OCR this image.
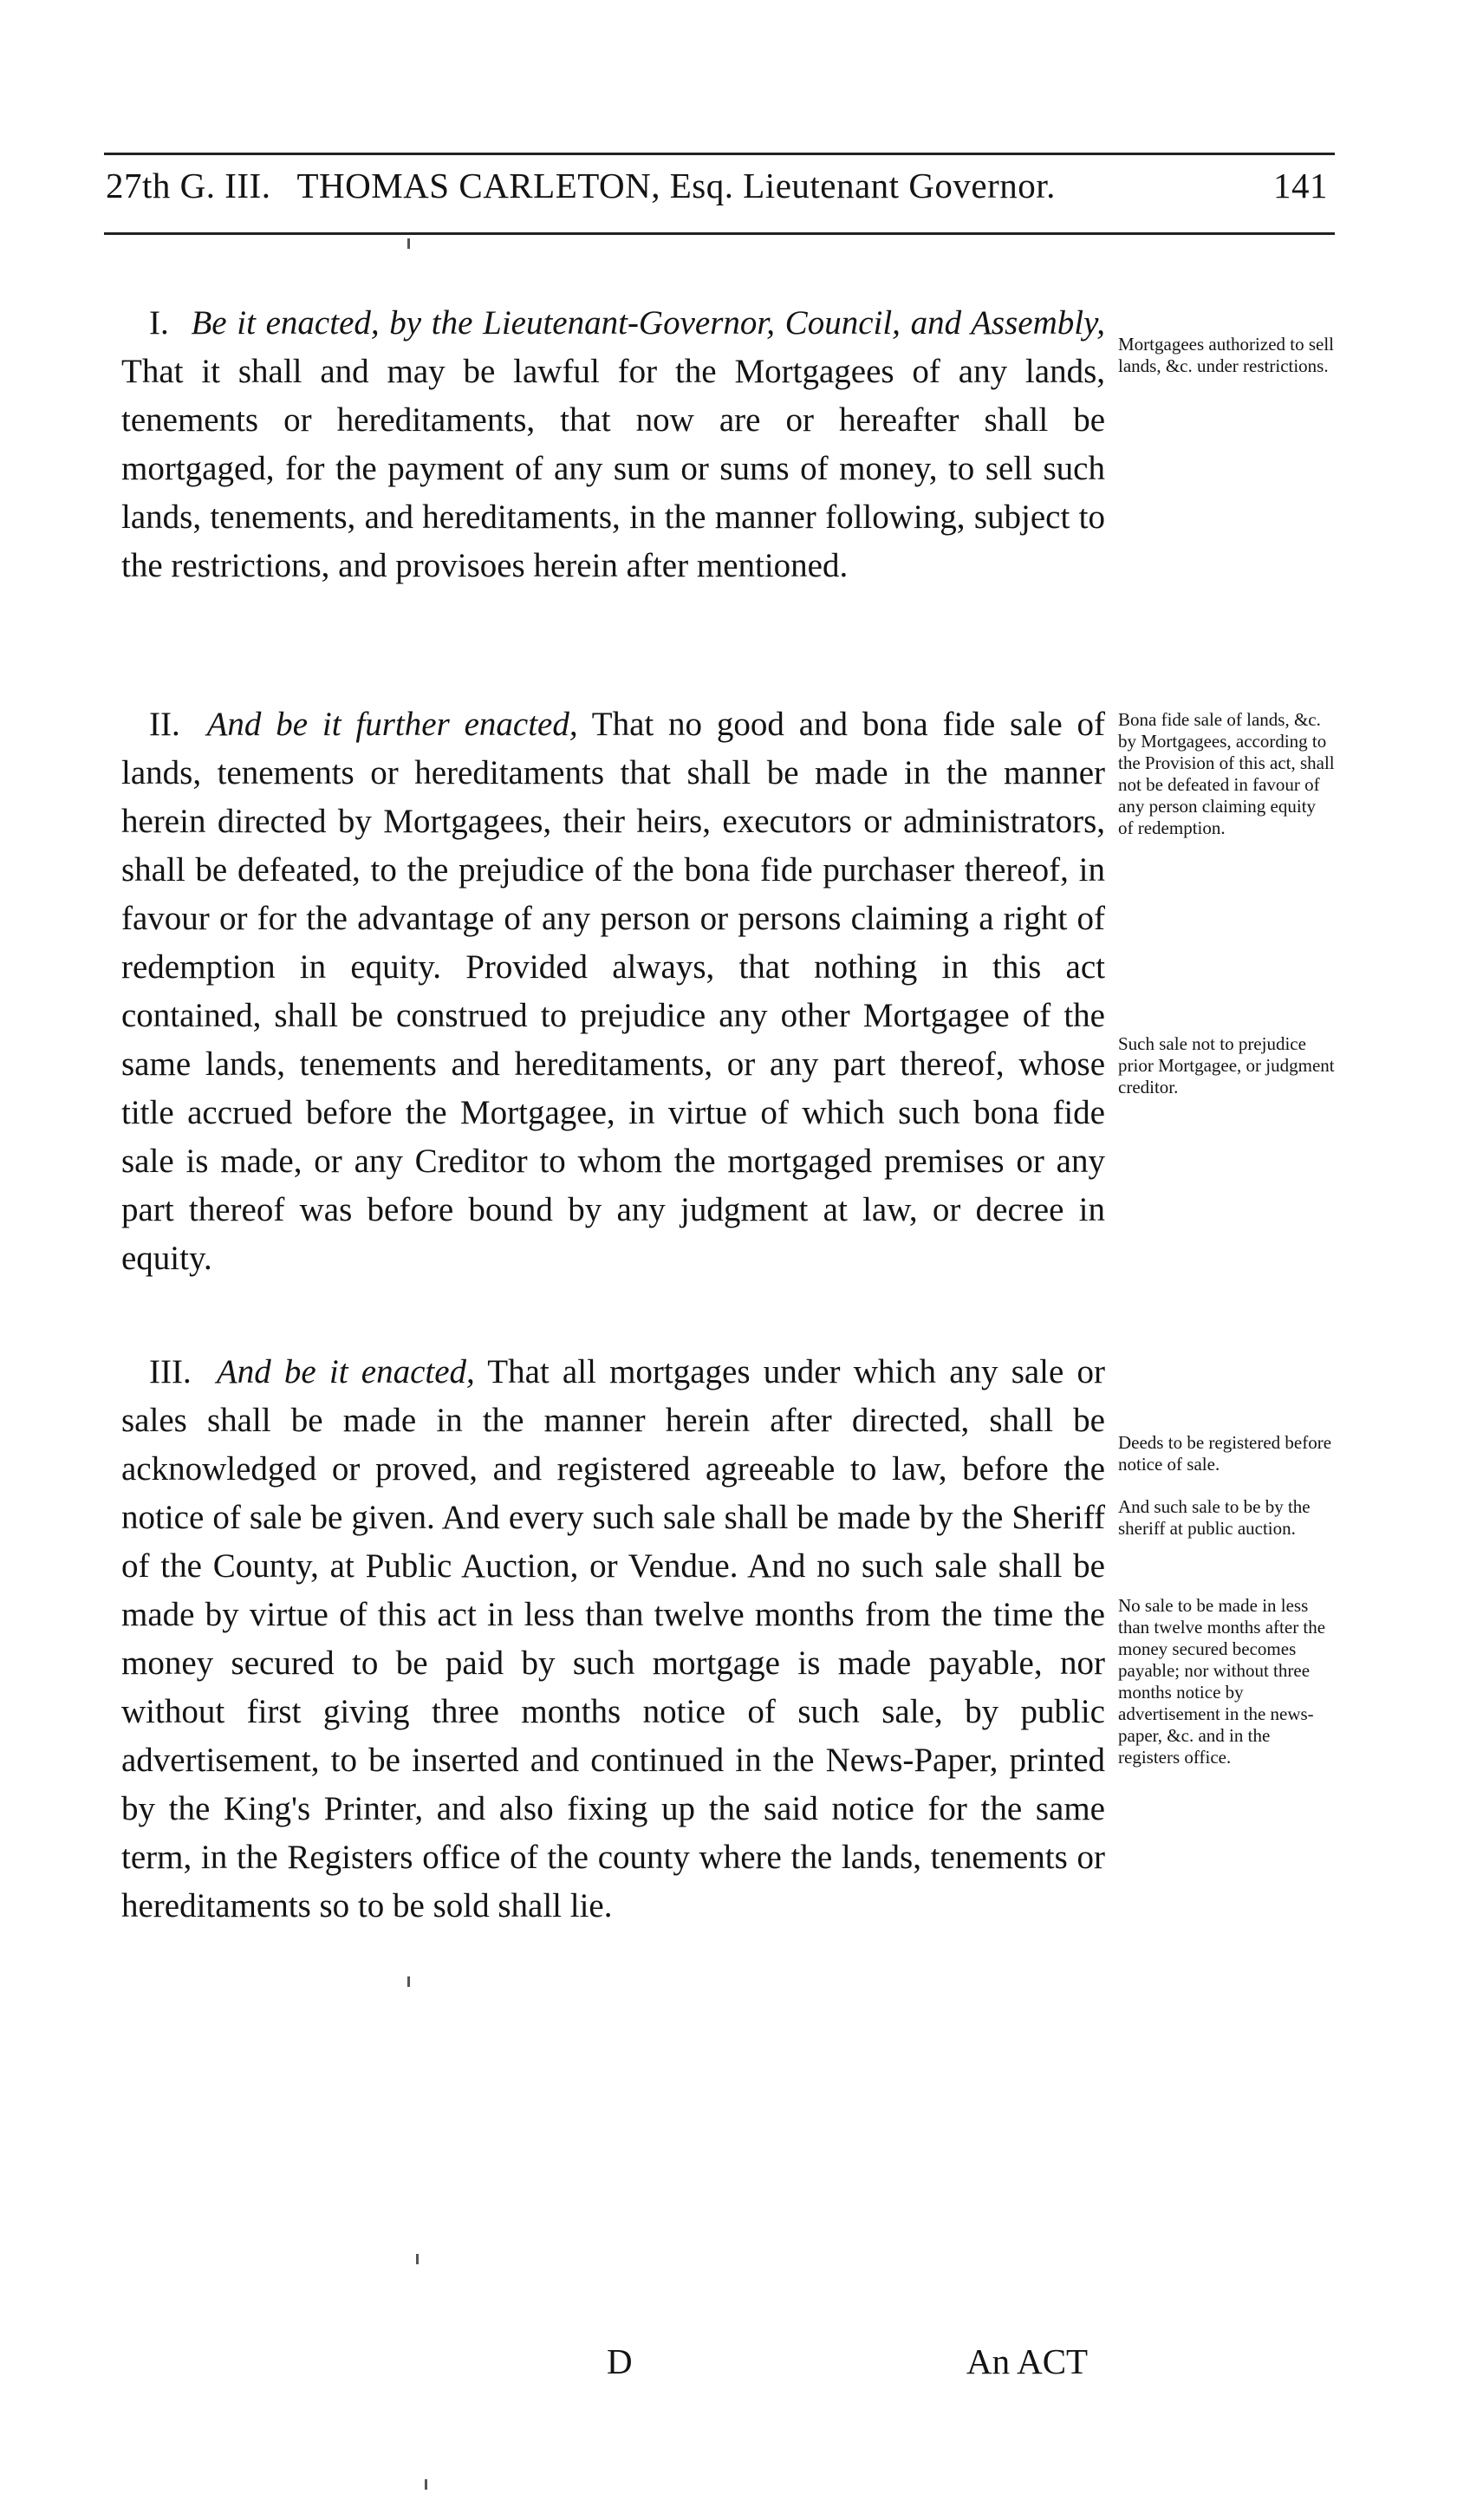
27th G. III. THOMAS CARLETON, Esq. Lieutenant Governor.	141

I. Be it enacted, by the Lieutenant-Governor, Council, and Assembly, That it shall and may be lawful for the Mortgagees of any lands, tenements or hereditaments, that now are or hereafter shall be mortgaged, for the payment of any sum or sums of money, to sell such lands, tenements, and hereditaments, in the manner following, subject to the restrictions, and provisoes herein after mentioned.

II. And be it further enacted, That no good and bona fide sale of lands, tenements or hereditaments that shall be made in the manner herein directed by Mortgagees, their heirs, executors or administrators, shall be defeated, to the prejudice of the bona fide purchaser thereof, in favour or for the advantage of any person or persons claiming a right of redemption in equity. Provided always, that nothing in this act contained, shall be construed to prejudice any other Mortgagee of the same lands, tenements and hereditaments, or any part thereof, whose title accrued before the Mortgagee, in virtue of which such bona fide sale is made, or any Creditor to whom the mortgaged premises or any part thereof was before bound by any judgment at law, or decree in equity.

III. And be it enacted, That all mortgages under which any sale or sales shall be made in the manner herein after directed, shall be acknowledged or proved, and registered agreeable to law, before the notice of sale be given. And every such sale shall be made by the Sheriff of the County, at Public Auction, or Vendue. And no such sale shall be made by virtue of this act in less than twelve months from the time the money secured to be paid by such mortgage is made payable, nor without first giving three months notice of such sale, by public advertisement, to be inserted and continued in the News-Paper, printed by the King's Printer, and also fixing up the said notice for the same term, in the Registers office of the county where the lands, tenements or hereditaments so to be sold shall lie.

Mortgagees authorized to sell lands, &c. under restrictions.

Bona fide sale of lands, &c. by Mortgagees, according to the Provision of this act, shall not be defeated in favour of any person claiming equity of redemption.

Such sale not to prejudice prior Mortgagee, or judgment creditor.

Deeds to be registered before notice of sale.

And such sale to be by the sheriff at public auction.

No sale to be made in less than twelve months after the money secured becomes payable; nor without three months notice by advertisement in the news-paper, &c. and in the registers office.

D	An ACT
